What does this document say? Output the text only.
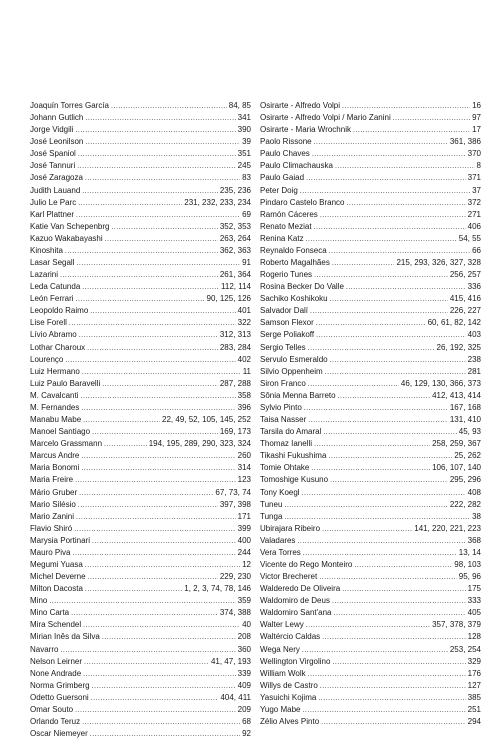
Joaquín Torres García .....	84, 85
Johann Gutlich .....	341
Jorge Vidgili .....	390
José Leonilson .....	39
José Spaniol .....	351
José Tannuri .....	245
José Zaragoza .....	83
Judith Lauand .....	235, 236
Julio Le Parc .....	231, 232, 233, 234
Karl Plattner .....	69
Katie Van Schepenbrg .....	352, 353
Kazuo Wakabayashi .....	263, 264
Kinoshita .....	362, 363
Lasar Segall .....	91
Lazarini .....	261, 364
Leda Catunda .....	112, 114
León Ferrari .....	90, 125, 126
Leopoldo Raimo .....	401
Lise Forell .....	322
Lívio Abramo .....	312, 313
Lothar Charoux .....	283, 284
Lourenço .....	402
Luiz Hermano .....	11
Luiz Paulo Baravelli .....	287, 288
M. Cavalcanti .....	358
M. Fernandes .....	396
Manabu Mabe .....	22, 49, 52, 105, 145, 252
Manoel Santiago .....	169, 173
Marcelo Grassmann .....	194, 195, 289, 290, 323, 324
Marcus Andre .....	260
Maria Bonomi .....	314
Maria Freire .....	123
Mário Gruber .....	67, 73, 74
Mario Silésio .....	397, 398
Mario Zanini .....	171
Flavio Shiró .....	399
Marysia Portinari .....	400
Mauro Piva .....	244
Megumi Yuasa .....	12
Michel Deverne .....	229, 230
Milton Dacosta .....	1, 2, 3, 74, 78, 146
Mino .....	359
Mino Carta .....	374, 388
Mira Schendel .....	40
Mirian Inês da Silva .....	208
Navarro .....	360
Nelson Leirner .....	41, 47, 193
None Andrade .....	339
Norma Grimberg .....	409
Odetto Guersoni .....	404, 411
Omar Souto .....	209
Orlando Teruz .....	68
Oscar Niemeyer .....	92
Osirarte - Alfredo Volpi .....	16
Osirarte - Alfredo Volpi / Mario Zanini .....	97
Osirarte - Maria Wrochnik .....	17
Paolo Rissone .....	361, 386
Paulo Chaves .....	370
Paulo Climachauska .....	8
Paulo Gaiad .....	371
Peter Doig .....	37
Pindaro Castelo Branco .....	372
Ramón Cáceres .....	271
Renato Meziat .....	406
Renina Katz .....	54, 55
Reynaldo Fonseca .....	66
Roberto Magalhães .....	215, 293, 326, 327, 328
Rogerio Tunes .....	256, 257
Rosina Becker Do Valle .....	336
Sachiko Koshikoku .....	415, 416
Salvador Dalí .....	226, 227
Samson Flexor .....	60, 61, 82, 142
Serge Poliakoff .....	403
Sergio Telles .....	26, 192, 325
Servulo Esmeraldo .....	238
Silvio Oppenheim .....	281
Siron Franco .....	46, 129, 130, 366, 373
Sônia Menna Barreto .....	412, 413, 414
Sylvio Pinto .....	167, 168
Taisa Nasser .....	131, 410
Tarsila do Amaral .....	45, 93
Thomaz Ianelli .....	258, 259, 367
Tikashi Fukushima .....	25, 262
Tomie Ohtake .....	106, 107, 140
Tomoshige Kusuno .....	295, 296
Tony Koegl .....	408
Tuneu .....	222, 282
Tunga .....	38
Ubirajara Ribeiro .....	141, 220, 221, 223
Valadares .....	368
Vera Torres .....	13, 14
Vicente do Rego Monteiro .....	98, 103
Victor Brecheret .....	95, 96
Walderedo De Oliveira .....	175
Waldomiro de Deus .....	333
Waldomiro Sant'ana .....	405
Walter Lewy .....	357, 378, 379
Waltércio Caldas .....	128
Wega Nery .....	253, 254
Wellington Virgolino .....	329
William Wolk .....	176
Willys de Castro .....	127
Yasuichi Kojima .....	385
Yugo Mabe .....	251
Zélio Alves Pinto .....	294
